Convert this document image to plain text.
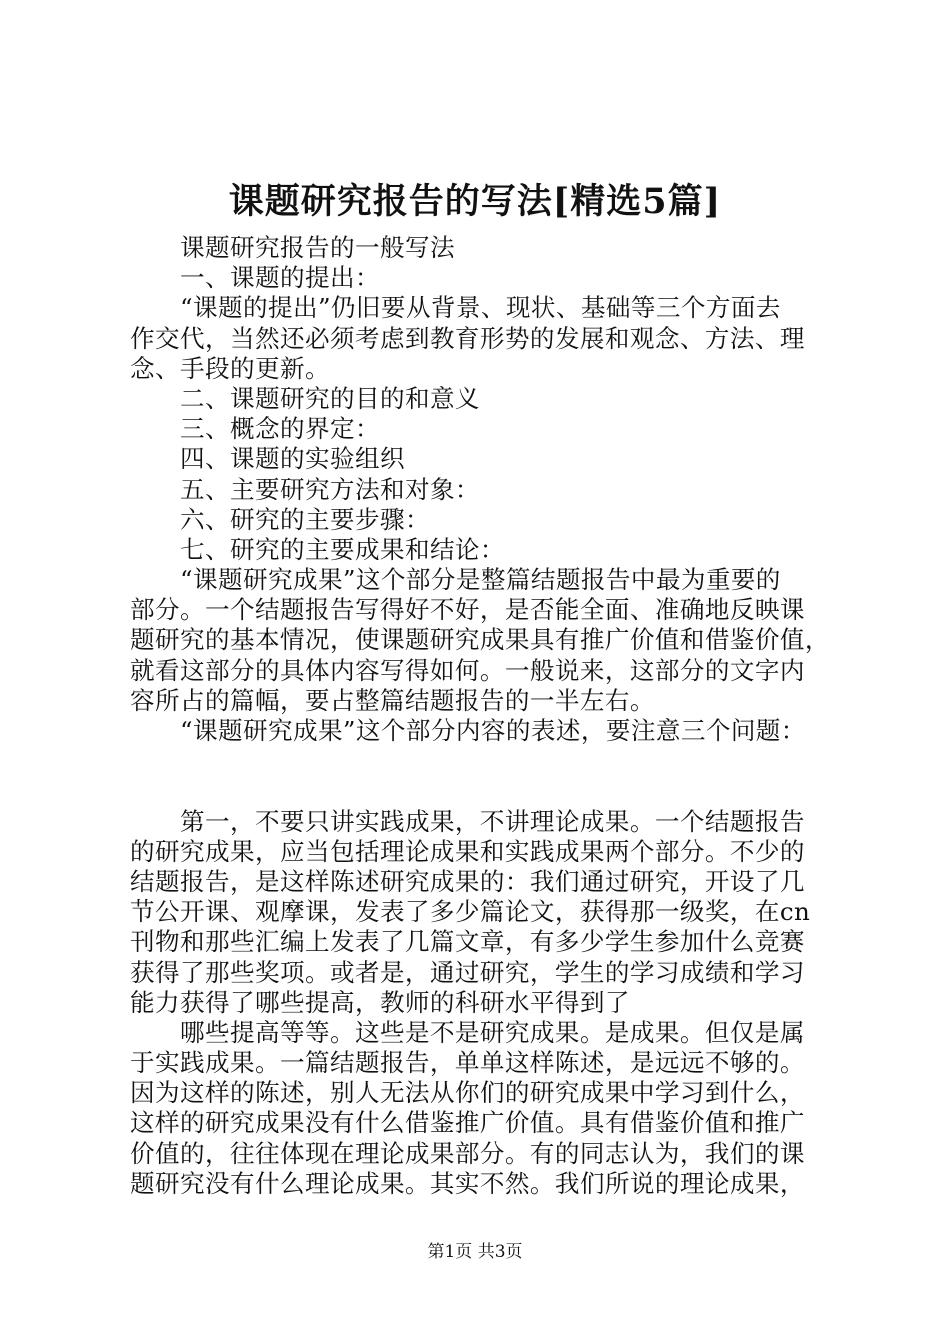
课题研究报告的写法[精选5篇]
课题研究报告的一般写法
一、课题的提出：
“课题的提出”仍旧要从背景、现状、基础等三个方面去
作交代，当然还必须考虑到教育形势的发展和观念、方法、理
念、手段的更新。
二、课题研究的目的和意义
三、概念的界定：
四、课题的实验组织
五、主要研究方法和对象：
六、研究的主要步骤：
七、研究的主要成果和结论：
“课题研究成果”这个部分是整篇结题报告中最为重要的
部分。一个结题报告写得好不好，是否能全面、准确地反映课
题研究的基本情况，使课题研究成果具有推广价值和借鉴价值，
就看这部分的具体内容写得如何。一般说来，这部分的文字内
容所占的篇幅，要占整篇结题报告的一半左右。
“课题研究成果”这个部分内容的表述，要注意三个问题：
第一，不要只讲实践成果，不讲理论成果。一个结题报告
的研究成果，应当包括理论成果和实践成果两个部分。不少的
结题报告，是这样陈述研究成果的：我们通过研究，开设了几
节公开课、观摩课，发表了多少篇论文，获得那一级奖，在cn
刊物和那些汇编上发表了几篇文章，有多少学生参加什么竞赛
获得了那些奖项。或者是，通过研究，学生的学习成绩和学习
能力获得了哪些提高，教师的科研水平得到了
哪些提高等等。这些是不是研究成果。是成果。但仅是属
于实践成果。一篇结题报告，单单这样陈述，是远远不够的。
因为这样的陈述，别人无法从你们的研究成果中学习到什么，
这样的研究成果没有什么借鉴推广价值。具有借鉴价值和推广
价值的，往往体现在理论成果部分。有的同志认为，我们的课
题研究没有什么理论成果。其实不然。我们所说的理论成果，
第1页 共3页
